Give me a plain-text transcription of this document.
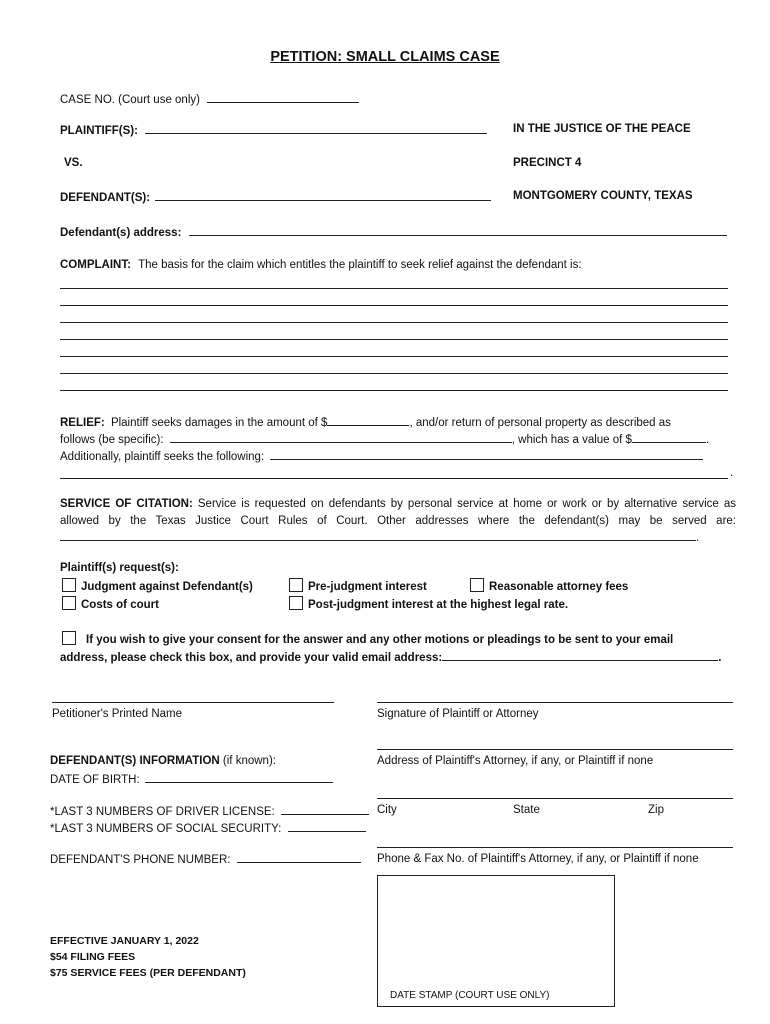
PETITION: SMALL CLAIMS CASE
CASE NO. (Court use only)
PLAINTIFF(S):	IN THE JUSTICE OF THE PEACE
VS.	PRECINCT 4
DEFENDANT(S):	MONTGOMERY COUNTY, TEXAS
Defendant(s) address:
COMPLAINT: The basis for the claim which entitles the plaintiff to seek relief against the defendant is:
RELIEF: Plaintiff seeks damages in the amount of $	, and/or return of personal property as described as
follows (be specific):	, which has a value of $	.
Additionally, plaintiff seeks the following:
.
SERVICE OF CITATION: Service is requested on defendants by personal service at home or work or by alternative service as allowed by the Texas Justice Court Rules of Court. Other addresses where the defendant(s) may be served are: .
Plaintiff(s) request(s):
Judgment against Defendant(s)	Pre-judgment interest	Reasonable attorney fees
Costs of court	Post-judgment interest at the highest legal rate.
If you wish to give your consent for the answer and any other motions or pleadings to be sent to your email
address, please check this box, and provide your valid email address:	.
Petitioner's Printed Name	Signature of Plaintiff or Attorney
Address of Plaintiff's Attorney, if any, or Plaintiff if none
City	State	Zip
Phone & Fax No. of Plaintiff's Attorney, if any, or Plaintiff if none
DEFENDANT(S) INFORMATION (if known):
DATE OF BIRTH:
*LAST 3 NUMBERS OF DRIVER LICENSE:
*LAST 3 NUMBERS OF SOCIAL SECURITY:
DEFENDANT'S PHONE NUMBER:
DATE STAMP (COURT USE ONLY)
EFFECTIVE JANUARY 1, 2022
$54 FILING FEES
$75 SERVICE FEES (PER DEFENDANT)
